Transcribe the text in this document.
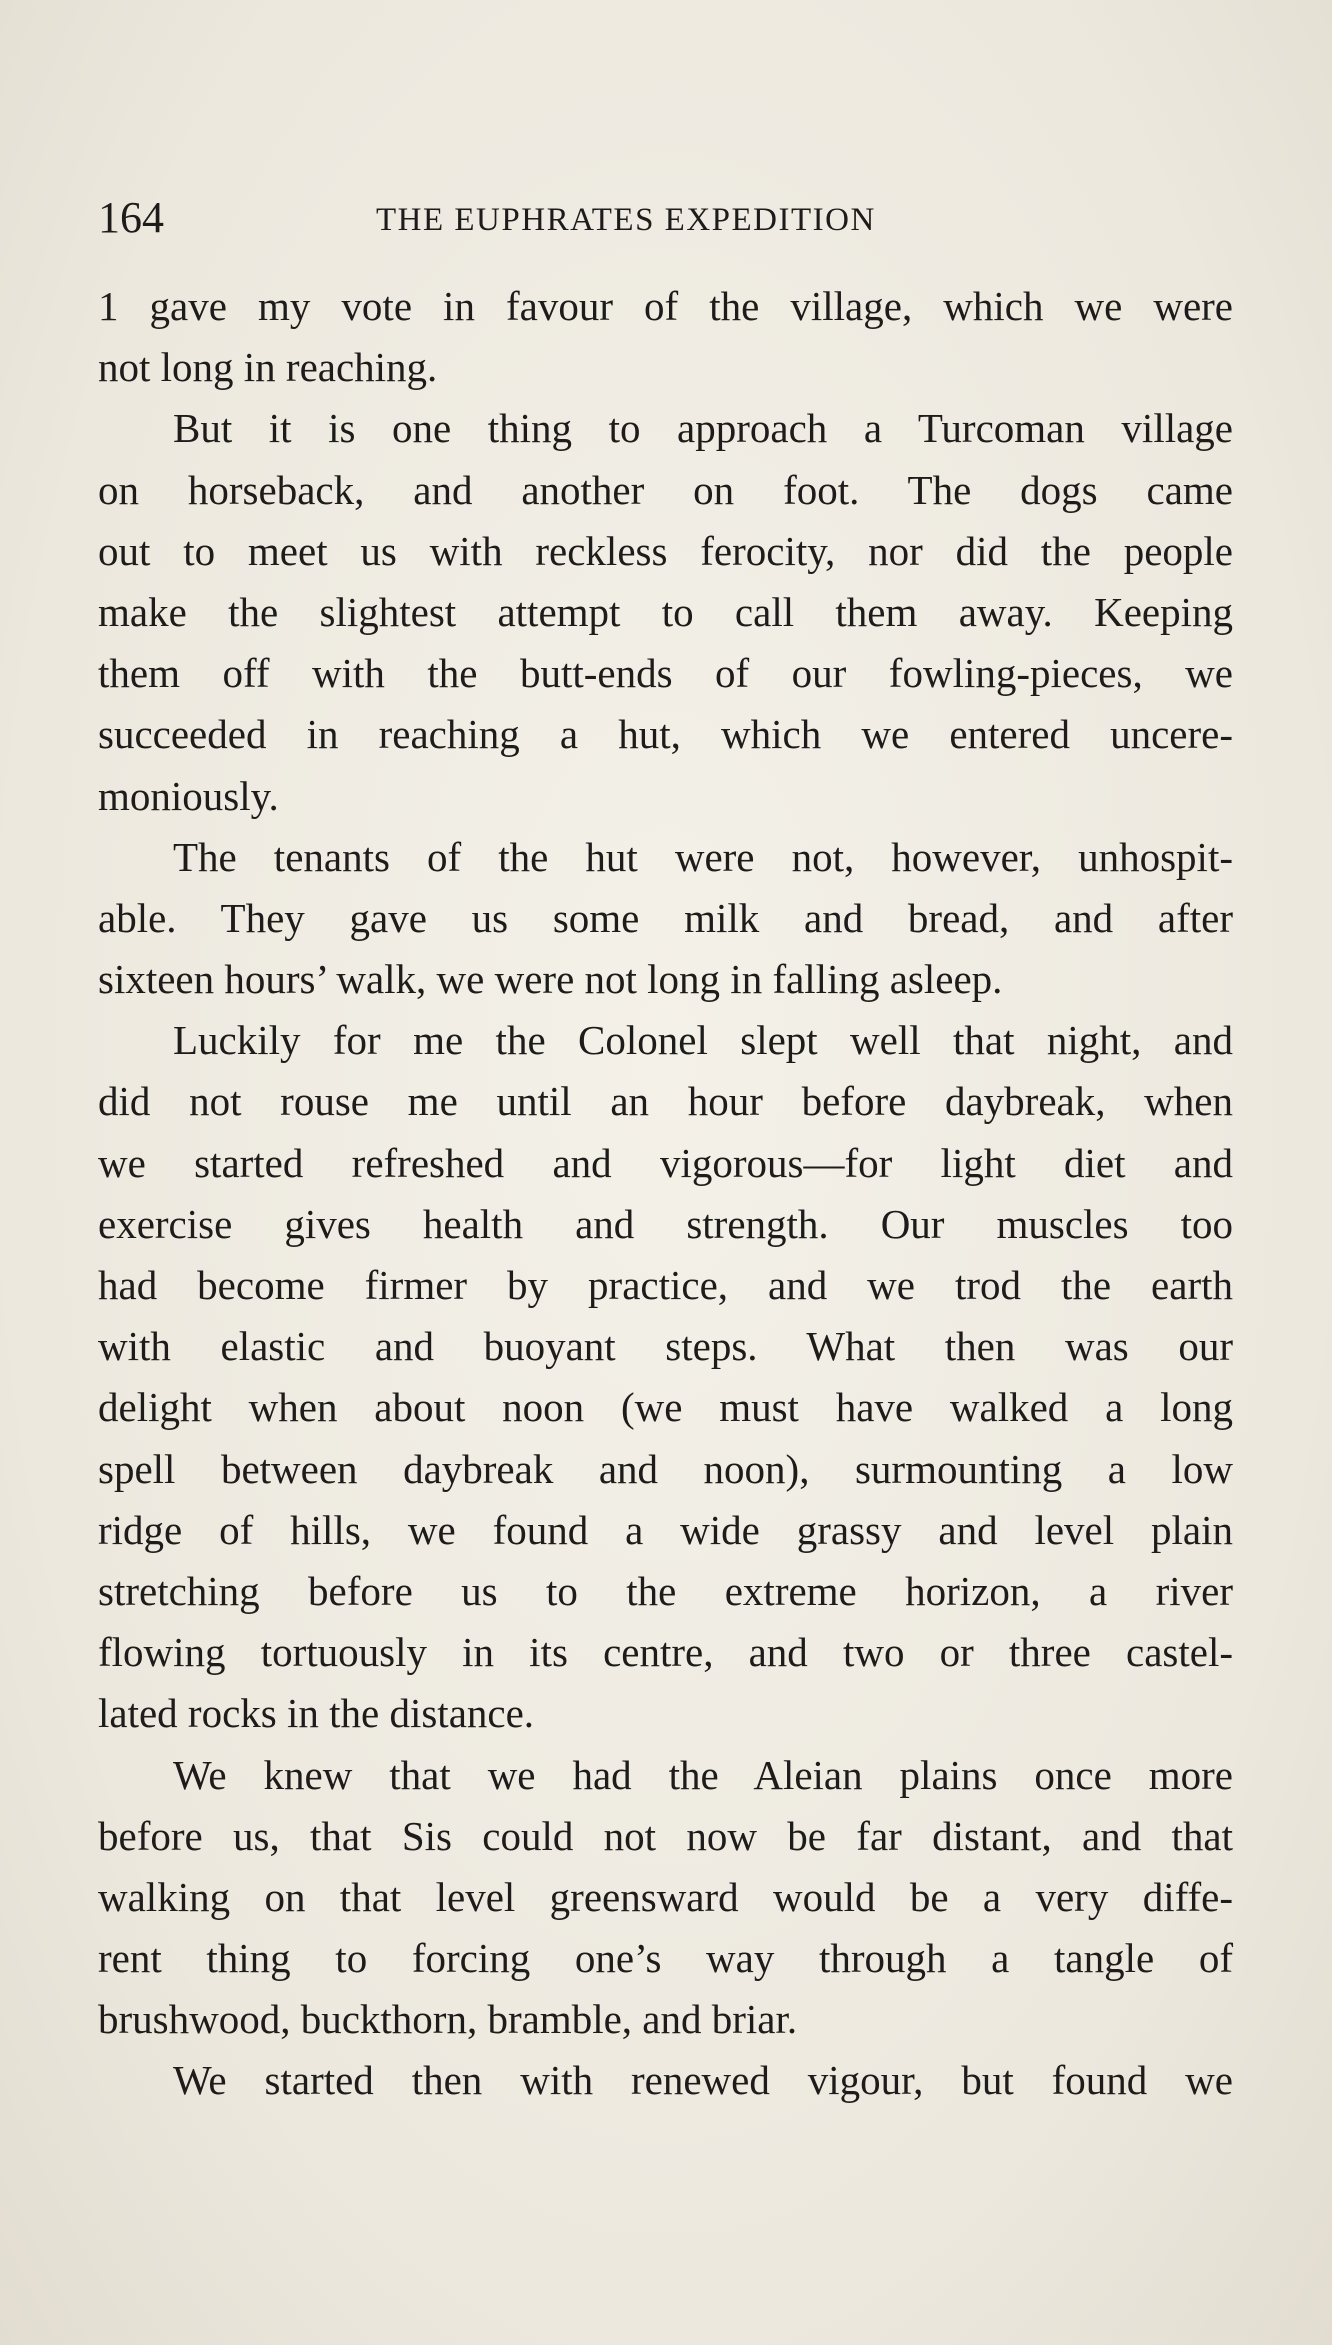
164	THE EUPHRATES EXPEDITION
1 gave my vote in favour of the village, which we were
not long in reaching.
But it is one thing to approach a Turcoman village
on horseback, and another on foot. The dogs came
out to meet us with reckless ferocity, nor did the people
make the slightest attempt to call them away. Keeping
them off with the butt-ends of our fowling-pieces, we
succeeded in reaching a hut, which we entered uncere-
moniously.
The tenants of the hut were not, however, unhospit-
able. They gave us some milk and bread, and after
sixteen hours’ walk, we were not long in falling asleep.
Luckily for me the Colonel slept well that night, and
did not rouse me until an hour before daybreak, when
we started refreshed and vigorous—for light diet and
exercise gives health and strength. Our muscles too
had become firmer by practice, and we trod the earth
with elastic and buoyant steps. What then was our
delight when about noon (we must have walked a long
spell between daybreak and noon), surmounting a low
ridge of hills, we found a wide grassy and level plain
stretching before us to the extreme horizon, a river
flowing tortuously in its centre, and two or three castel-
lated rocks in the distance.
We knew that we had the Aleian plains once more
before us, that Sis could not now be far distant, and that
walking on that level greensward would be a very diffe-
rent thing to forcing one’s way through a tangle of
brushwood, buckthorn, bramble, and briar.
We started then with renewed vigour, but found we
